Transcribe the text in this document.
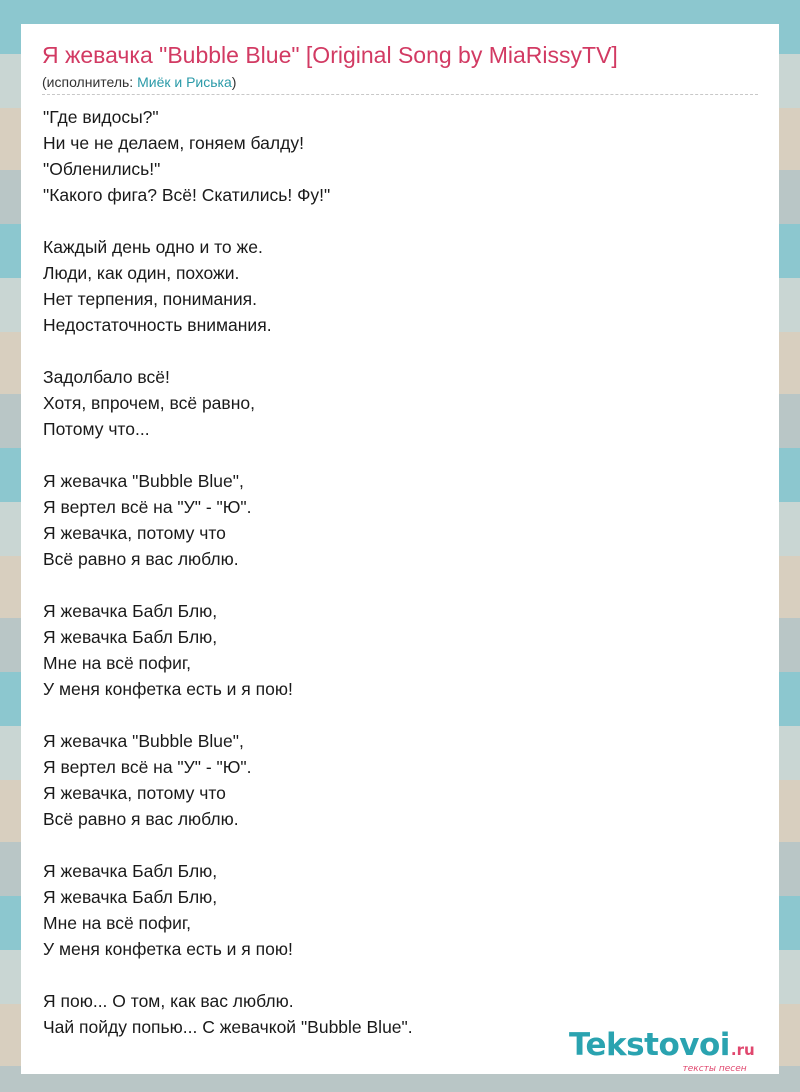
Я жевачка "Bubble Blue" [Original Song by MiaRissyTV]
(исполнитель: Миёк и Риська)
"Где видосы?"
Ни че не делаем, гоняем балду!
"Обленились!"
"Какого фига? Всё! Скатились! Фу!"
Каждый день одно и то же.
Люди, как один, похожи.
Нет терпения, понимания.
Недостаточность внимания.
Задолбало всё!
Хотя, впрочем, всё равно,
Потому что...
Я жевачка "Bubble Blue",
Я вертел всё на "У" - "Ю".
Я жевачка, потому что
Всё равно я вас люблю.
Я жевачка Бабл Блю,
Я жевачка Бабл Блю,
Мне на всё пофиг,
У меня конфетка есть и я пою!
Я жевачка "Bubble Blue",
Я вертел всё на "У" - "Ю".
Я жевачка, потому что
Всё равно я вас люблю.
Я жевачка Бабл Блю,
Я жевачка Бабл Блю,
Мне на всё пофиг,
У меня конфетка есть и я пою!
Я пою... О том, как вас люблю.
Чай пойду попью... С жевачкой "Bubble Blue".	Tekstovoi.ru
тексты песен
